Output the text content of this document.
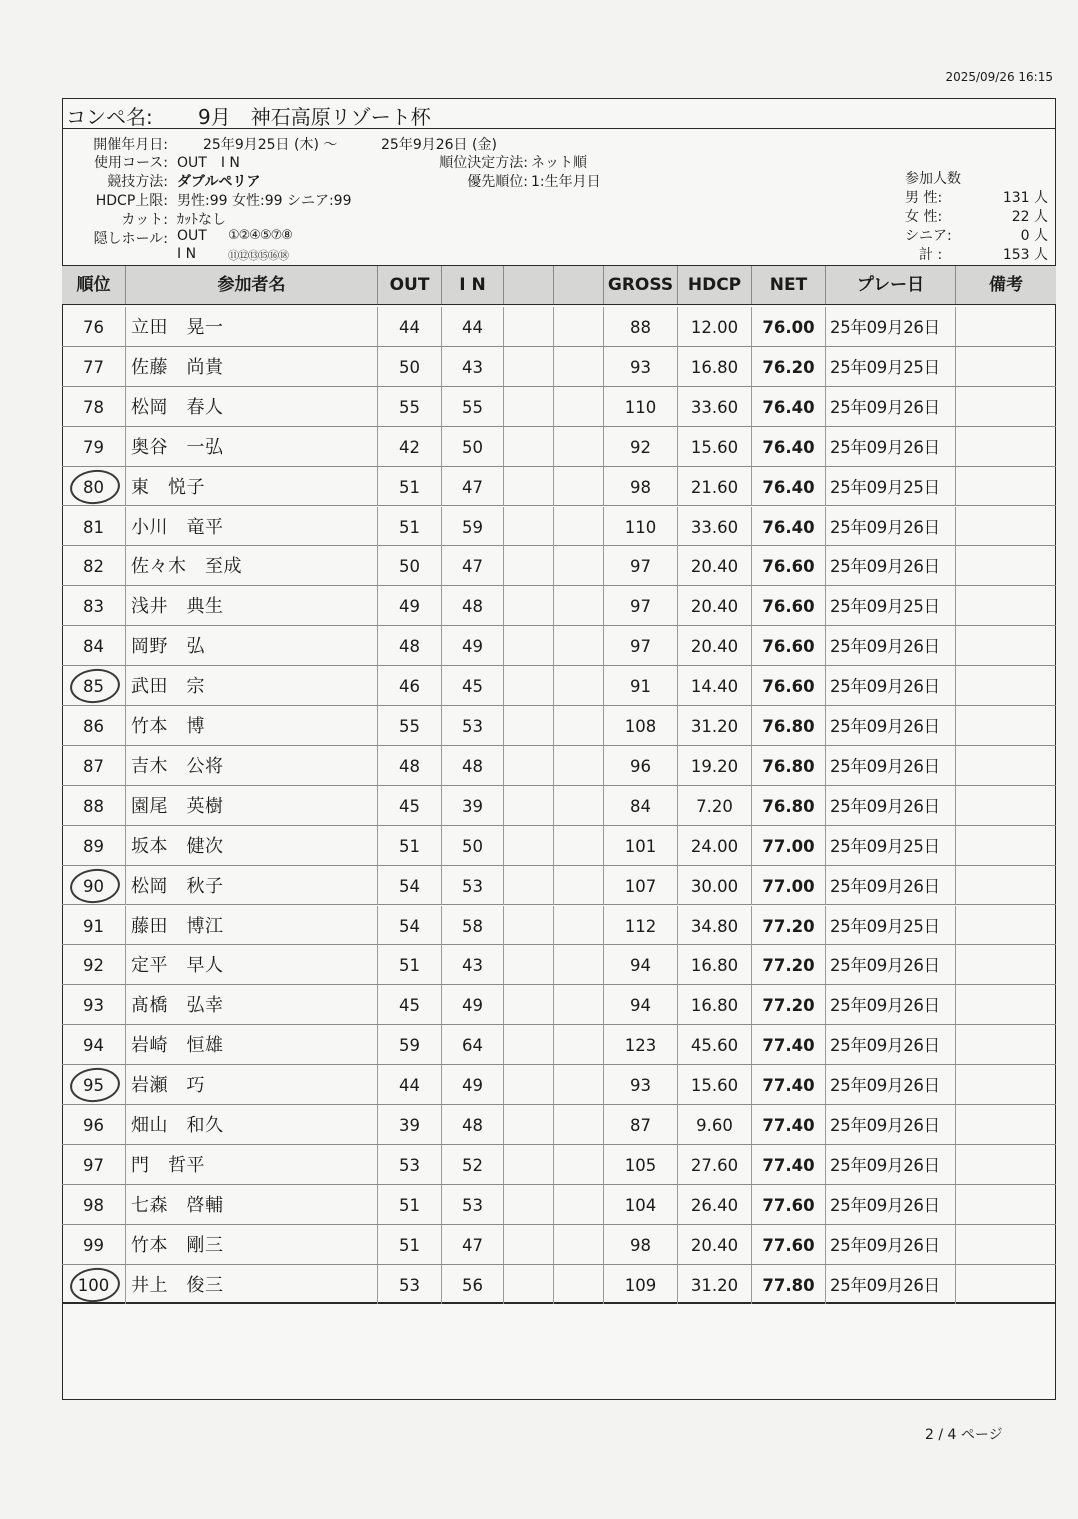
2025/09/26 16:15
コンペ名: 9月　神石高原リゾート杯
開催年月日:	25年9月25日 (木) ～	25年9月26日 (金)
使用コース: OUT　I N	順位決定方法: ネット順
競技方法: ダブルペリア	優先順位: 1:生年月日
HDCP上限: 男性:99 女性:99 シニア:99
カット: ｶｯﾄなし
隠しホール: OUT ①②④⑤⑦⑧
I N	⑪⑫⑬⑮⑯⑱
参加人数
男 性:	131 人
女 性:	22 人
シニア:	0 人
　計 :	153 人
順位	参加者名	OUT	I N	GROSS HDCP	NET	プレー日	備考
76	立田　晃一	44	44	88	12.00	76.00 25年09月26日
77	佐藤　尚貴	50	43	93	16.80	76.20 25年09月25日
78	松岡　春人	55	55	110	33.60	76.40 25年09月26日
79	奥谷　一弘	42	50	92	15.60	76.40 25年09月26日
80	東　悦子	51	47	98	21.60	76.40 25年09月25日
81	小川　竜平	51	59	110	33.60	76.40 25年09月26日
82	佐々木　至成	50	47	97	20.40	76.60 25年09月26日
83	浅井　典生	49	48	97	20.40	76.60 25年09月25日
84	岡野　弘	48	49	97	20.40	76.60 25年09月26日
85	武田　宗	46	45	91	14.40	76.60 25年09月26日
86	竹本　博	55	53	108	31.20	76.80 25年09月26日
87	吉木　公将	48	48	96	19.20	76.80 25年09月26日
88	園尾　英樹	45	39	84	7.20	76.80 25年09月26日
89	坂本　健次	51	50	101	24.00	77.00 25年09月25日
90	松岡　秋子	54	53	107	30.00	77.00 25年09月26日
91	藤田　博江	54	58	112	34.80	77.20 25年09月25日
92	定平　早人	51	43	94	16.80	77.20 25年09月26日
93	髙橋　弘幸	45	49	94	16.80	77.20 25年09月26日
94	岩崎　恒雄	59	64	123	45.60	77.40 25年09月26日
95	岩瀬　巧	44	49	93	15.60	77.40 25年09月26日
96	畑山　和久	39	48	87	9.60	77.40 25年09月26日
97	門　哲平	53	52	105	27.60	77.40 25年09月26日
98	七森　啓輔	51	53	104	26.40	77.60 25年09月26日
99	竹本　剛三	51	47	98	20.40	77.60 25年09月26日
100	井上　俊三	53	56	109	31.20	77.80 25年09月26日
2 / 4 ページ
